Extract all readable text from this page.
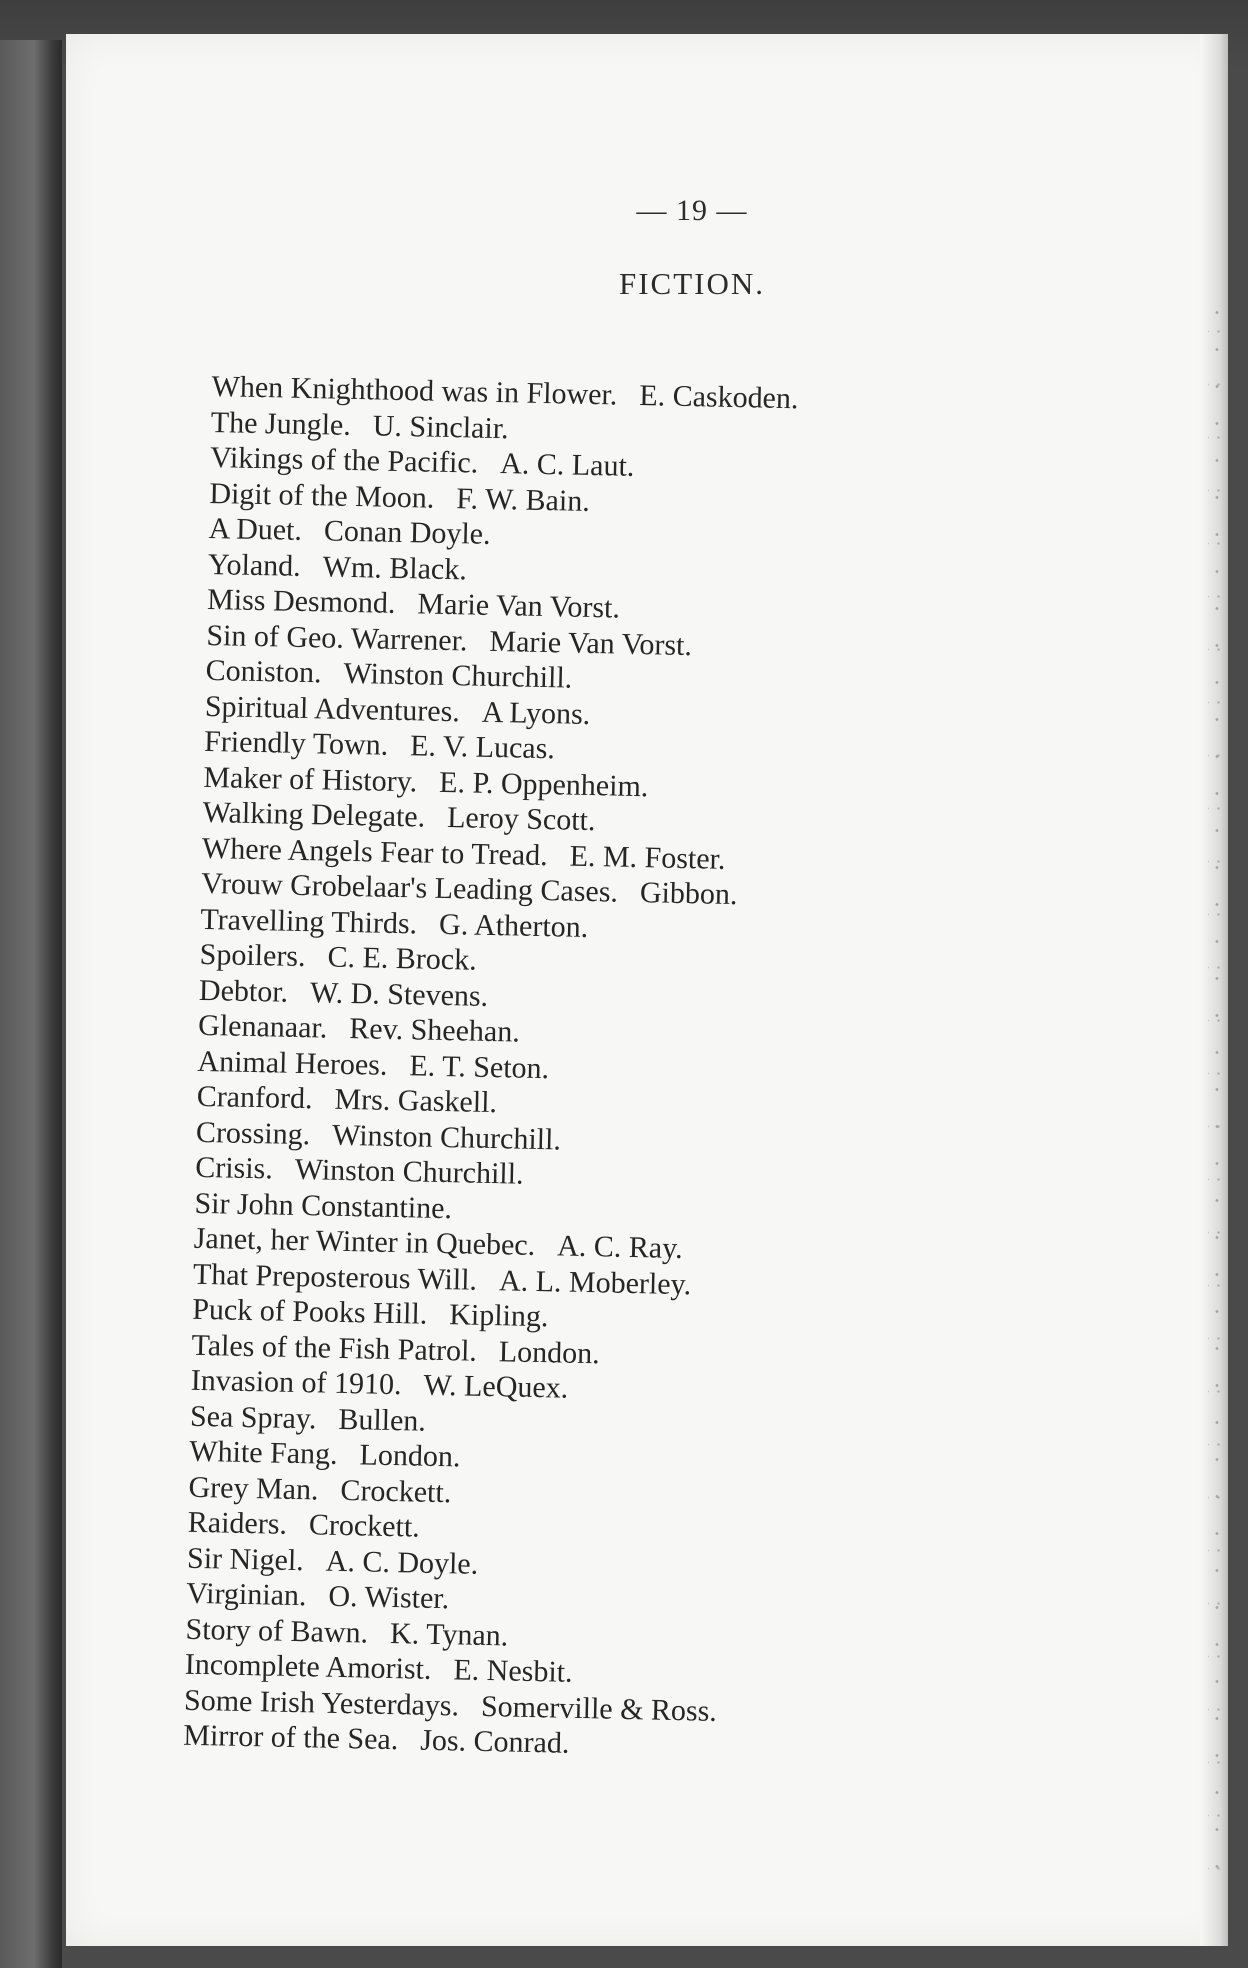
— 19 —
FICTION.
When Knighthood was in Flower. E. Caskoden.
The Jungle. U. Sinclair.
Vikings of the Pacific. A. C. Laut.
Digit of the Moon. F. W. Bain.
A Duet. Conan Doyle.
Yoland. Wm. Black.
Miss Desmond. Marie Van Vorst.
Sin of Geo. Warrener. Marie Van Vorst.
Coniston. Winston Churchill.
Spiritual Adventures. A Lyons.
Friendly Town. E. V. Lucas.
Maker of History. E. P. Oppenheim.
Walking Delegate. Leroy Scott.
Where Angels Fear to Tread. E. M. Foster.
Vrouw Grobelaar's Leading Cases. Gibbon.
Travelling Thirds. G. Atherton.
Spoilers. C. E. Brock.
Debtor. W. D. Stevens.
Glenanaar. Rev. Sheehan.
Animal Heroes. E. T. Seton.
Cranford. Mrs. Gaskell.
Crossing. Winston Churchill.
Crisis. Winston Churchill.
Sir John Constantine.
Janet, her Winter in Quebec. A. C. Ray.
That Preposterous Will. A. L. Moberley.
Puck of Pooks Hill. Kipling.
Tales of the Fish Patrol. London.
Invasion of 1910. W. LeQuex.
Sea Spray. Bullen.
White Fang. London.
Grey Man. Crockett.
Raiders. Crockett.
Sir Nigel. A. C. Doyle.
Virginian. O. Wister.
Story of Bawn. K. Tynan.
Incomplete Amorist. E. Nesbit.
Some Irish Yesterdays. Somerville & Ross.
Mirror of the Sea. Jos. Conrad.
